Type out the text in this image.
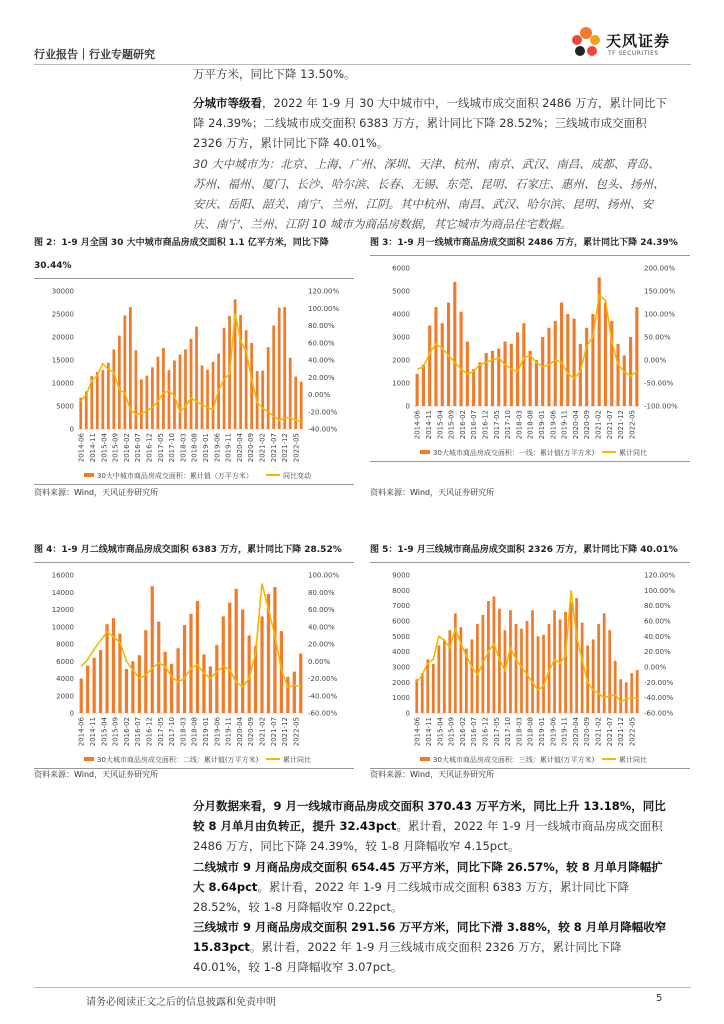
行业报告｜行业专题研究
天风证券
TF SECURITIES
万平方米，同比下降 13.50%。
分城市等级看，2022 年 1-9 月 30 大中城市中，一线城市成交面积 2486 万方，累计同比下降 24.39%；二线城市成交面积 6383 万方，累计同比下降 28.52%；三线城市成交面积 2326 万方，累计同比下降 40.01%。
30 大中城市为：北京、上海、广州、深圳、天津、杭州、南京、武汉、南昌、成都、青岛、苏州、福州、厦门、长沙、哈尔滨、长春、无锡、东莞、昆明、石家庄、惠州、包头、扬州、安庆、岳阳、韶关、南宁、兰州、江阴。其中杭州、南昌、武汉、哈尔滨、昆明、扬州、安庆、南宁、兰州、江阴 10 城市为商品房数据，其它城市为商品住宅数据。
图 2：1-9 月全国 30 大中城市商品房成交面积 1.1 亿平方米，同比下降 30.44%
30000
25000
20000
15000
10000
5000
0
120.00%
100.00%
80.00%
60.00%
40.00%
20.00%
0.00%
-20.00%
-40.00%
2014-06 2014-11 2015-04 2015-09 2016-02 2016-07 2016-12 2017-05 2017-10 2018-03 2018-08 2019-01 2019-06 2019-11 2020-04 2020-09 2021-02 2021-07 2021-12 2022-05
30大中城市商品房成交面积：累计值（万平方米）	同比变动
资料来源：Wind，天风证券研究所
图 3：1-9 月一线城市商品房成交面积 2486 万方，累计同比下降 24.39%
6000
5000
4000
3000
2000
1000
0
200.00%
150.00%
100.00%
50.00%
0.00%
-50.00%
-100.00%
2014-06 2014-11 2015-04 2015-09 2016-02 2016-07 2016-12 2017-05 2017-10 2018-03 2018-08 2019-01 2019-06 2019-11 2020-04 2020-09 2021-02 2021-07 2021-12 2022-05
30大城市商品房成交面积：一线：累计值(万平方米)	累计同比
资料来源：Wind，天风证券研究所
图 4：1-9 月二线城市商品房成交面积 6383 万方，累计同比下降 28.52%
16000
14000
12000
10000
8000
6000
4000
2000
0
100.00%
80.00%
60.00%
40.00%
20.00%
0.00%
-20.00%
-40.00%
-60.00%
2014-06 2014-11 2015-04 2015-09 2016-02 2016-07 2016-12 2017-05 2017-10 2018-03 2018-08 2019-01 2019-06 2019-11 2020-04 2020-09 2021-02 2021-07 2021-12 2022-05
30大城市商品房成交面积：二线：累计值(万平方米)	累计同比
资料来源：Wind，天风证券研究所
图 5：1-9 月三线城市商品房成交面积 2326 万方，累计同比下降 40.01%
9000
8000
7000
6000
5000
4000
3000
2000
1000
0
120.00%
100.00%
80.00%
60.00%
40.00%
20.00%
0.00%
-20.00%
-40.00%
-60.00%
2014-06 2014-11 2015-04 2015-09 2016-02 2016-07 2016-12 2017-05 2017-10 2018-03 2018-08 2019-01 2019-06 2019-11 2020-04 2020-09 2021-02 2021-07 2021-12 2022-05
30大城市商品房成交面积：三线：累计值(万平方米)	累计同比
资料来源：Wind，天风证券研究所
分月数据来看，9 月一线城市商品房成交面积 370.43 万平方米，同比上升 13.18%，同比较 8 月单月由负转正，提升 32.43pct。累计看，2022 年 1-9 月一线城市商品房成交面积 2486 万方，同比下降 24.39%，较 1-8 月降幅收窄 4.15pct。
二线城市 9 月商品房成交面积 654.45 万平方米，同比下降 26.57%，较 8 月单月降幅扩大 8.64pct。累计看，2022 年 1-9 月二线城市成交面积 6383 万方，累计同比下降 28.52%，较 1-8 月降幅收窄 0.22pct。
三线城市 9 月商品房成交面积 291.56 万平方米，同比下滑 3.88%，较 8 月单月降幅收窄 15.83pct。累计看，2022 年 1-9 月三线城市成交面积 2326 万方，累计同比下降 40.01%，较 1-8 月降幅收窄 3.07pct。
请务必阅读正文之后的信息披露和免责申明	5
